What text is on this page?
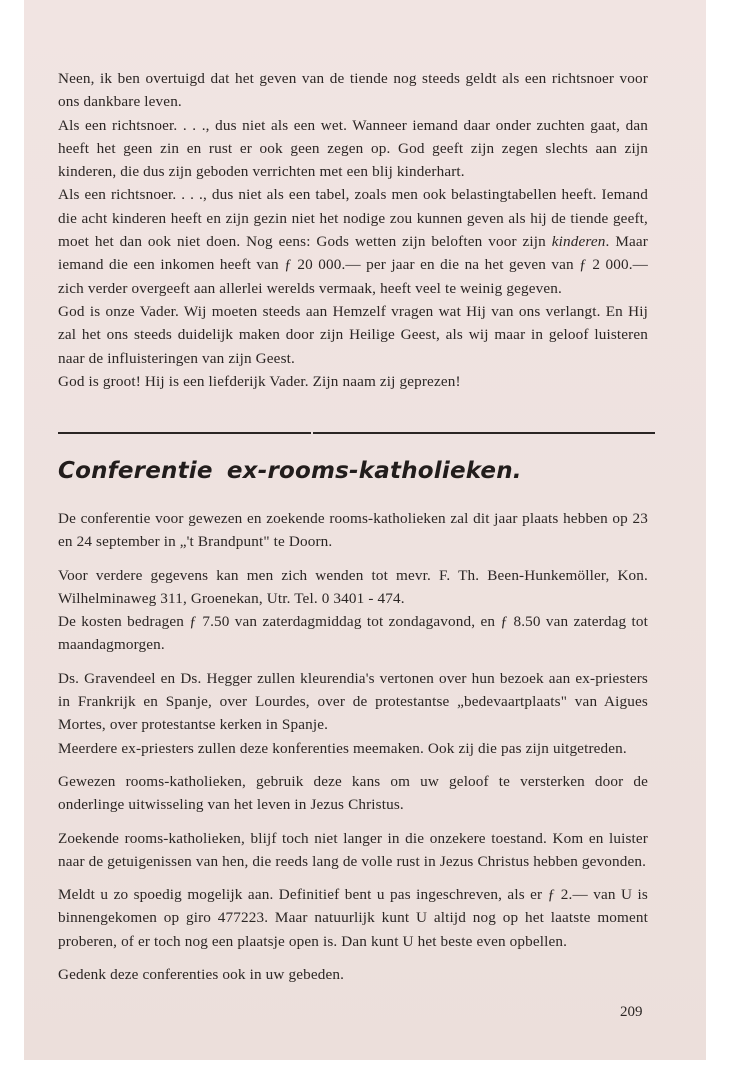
Neen, ik ben overtuigd dat het geven van de tiende nog steeds geldt als een richtsnoer voor ons dankbare leven.

Als een richtsnoer. . . ., dus niet als een wet. Wanneer iemand daar onder zuchten gaat, dan heeft het geen zin en rust er ook geen zegen op. God geeft zijn zegen slechts aan zijn kinderen, die dus zijn geboden verrichten met een blij kinderhart.

Als een richtsnoer. . . ., dus niet als een tabel, zoals men ook belastingtabellen heeft. Iemand die acht kinderen heeft en zijn gezin niet het nodige zou kunnen geven als hij de tiende geeft, moet het dan ook niet doen. Nog eens: Gods wetten zijn beloften voor zijn kinderen. Maar iemand die een inkomen heeft van ƒ 20 000.— per jaar en die na het geven van ƒ 2 000.— zich verder overgeeft aan allerlei werelds vermaak, heeft veel te weinig gegeven.

God is onze Vader. Wij moeten steeds aan Hemzelf vragen wat Hij van ons verlangt. En Hij zal het ons steeds duidelijk maken door zijn Heilige Geest, als wij maar in geloof luisteren naar de influisteringen van zijn Geest.

God is groot! Hij is een liefderijk Vader. Zijn naam zij geprezen!

Conferentie ex-rooms-katholieken.

De conferentie voor gewezen en zoekende rooms-katholieken zal dit jaar plaats hebben op 23 en 24 september in „'t Brandpunt" te Doorn.

Voor verdere gegevens kan men zich wenden tot mevr. F. Th. Been-Hunkemöller, Kon. Wilhelminaweg 311, Groenekan, Utr. Tel. 0 3401 - 474.

De kosten bedragen ƒ 7.50 van zaterdagmiddag tot zondagavond, en ƒ 8.50 van zaterdag tot maandagmorgen.

Ds. Gravendeel en Ds. Hegger zullen kleurendia's vertonen over hun bezoek aan ex-priesters in Frankrijk en Spanje, over Lourdes, over de protestantse „bedevaartplaats" van Aigues Mortes, over protestantse kerken in Spanje.

Meerdere ex-priesters zullen deze konferenties meemaken. Ook zij die pas zijn uitgetreden.

Gewezen rooms-katholieken, gebruik deze kans om uw geloof te versterken door de onderlinge uitwisseling van het leven in Jezus Christus.

Zoekende rooms-katholieken, blijf toch niet langer in die onzekere toestand. Kom en luister naar de getuigenissen van hen, die reeds lang de volle rust in Jezus Christus hebben gevonden.

Meldt u zo spoedig mogelijk aan. Definitief bent u pas ingeschreven, als er ƒ 2.— van U is binnengekomen op giro 477223. Maar natuurlijk kunt U altijd nog op het laatste moment proberen, of er toch nog een plaatsje open is. Dan kunt U het beste even opbellen.

Gedenk deze conferenties ook in uw gebeden.

209
